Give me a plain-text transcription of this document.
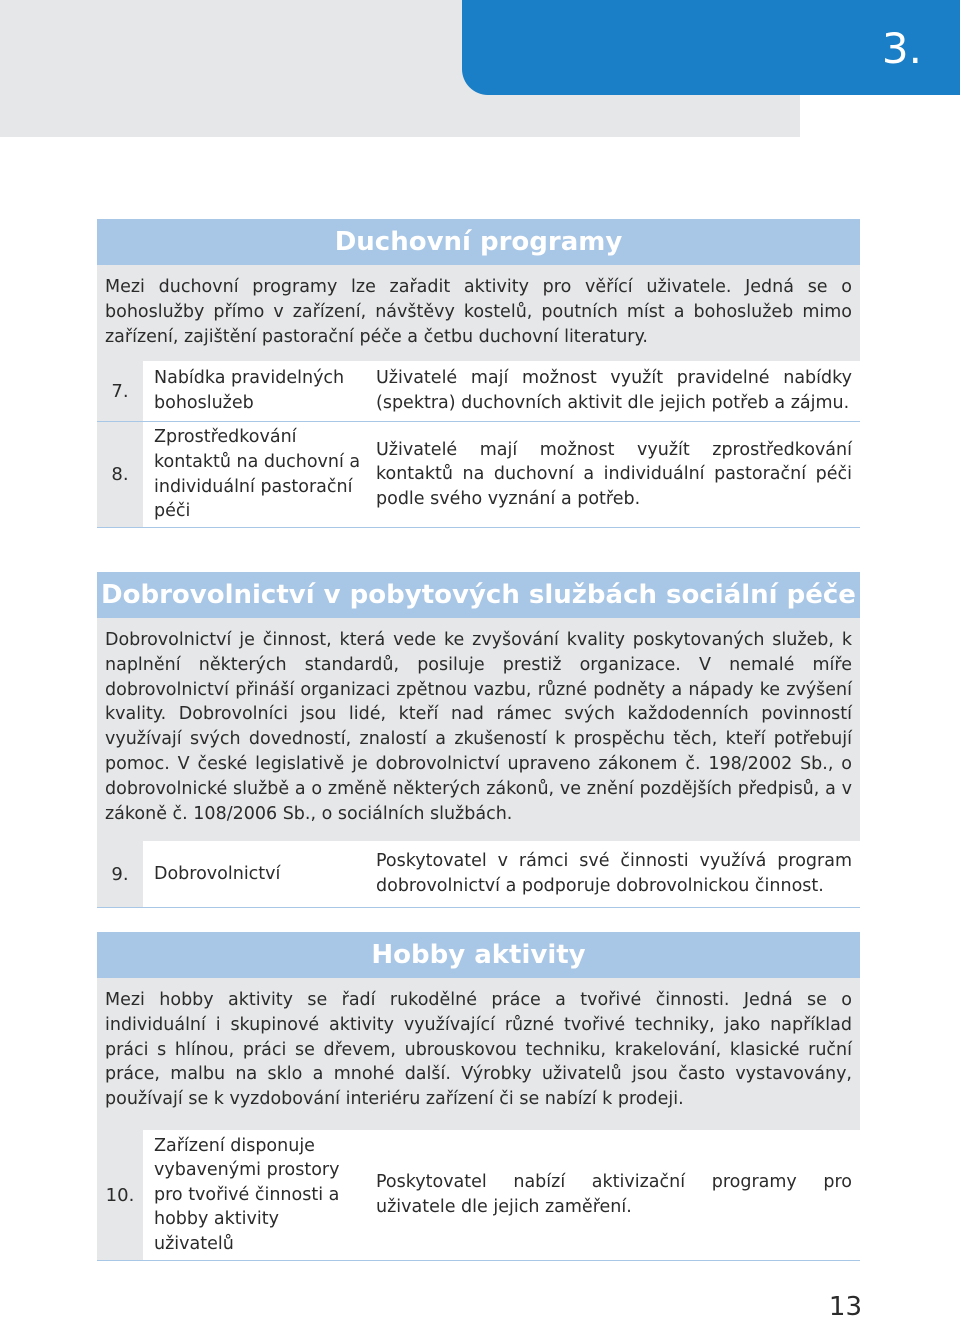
3.
Duchovní programy
Mezi duchovní programy lze zařadit aktivity pro věřící uživatele. Jedná se o bohoslužby přímo v zařízení, návštěvy kostelů, poutních míst a bohoslužeb mimo zařízení, zajištění pastorační péče a četbu duchovní literatury.
7.
Nabídka pravidelných bohoslužeb
Uživatelé mají možnost využít pravidelné nabídky (spektra) duchovních aktivit dle jejich potřeb a zájmu.
8.
Zprostředkování kontaktů na duchovní a individuální pastorační péči
Uživatelé mají možnost využít zprostředkování kontaktů na duchovní a individuální pastorační péči podle svého vyznání a potřeb.
Dobrovolnictví v pobytových službách sociální péče
Dobrovolnictví je činnost, která vede ke zvyšování kvality poskytovaných služeb, k naplnění některých standardů, posiluje prestiž organizace. V nemalé míře dobrovolnictví přináší organizaci zpětnou vazbu, různé podněty a nápady ke zvýšení kvality. Dobrovolníci jsou lidé, kteří nad rámec svých každodenních povinností využívají svých dovedností, znalostí a zkušeností k prospěchu těch, kteří potřebují pomoc. V české legislativě je dobrovolnictví upraveno zákonem č. 198/2002 Sb., o dobrovolnické službě a o změně některých zákonů, ve znění pozdějších předpisů, a v zákoně č. 108/2006 Sb., o sociálních službách.
9.	Dobrovolnictví
Poskytovatel v rámci své činnosti využívá program dobrovolnictví a podporuje dobrovolnickou činnost.
Hobby aktivity
Mezi hobby aktivity se řadí rukodělné práce a tvořivé činnosti. Jedná se o individuální i skupinové aktivity využívající různé tvořivé techniky, jako například práci s hlínou, práci se dřevem, ubrouskovou techniku, krakelování, klasické ruční práce, malbu na sklo a mnohé další. Výrobky uživatelů jsou často vystavovány, používají se k vyzdobování interiéru zařízení či se nabízí k prodeji.
10.
Zařízení disponuje vybavenými prostory pro tvořivé činnosti a hobby aktivity uživatelů
Poskytovatel nabízí aktivizační programy pro uživatele dle jejich zaměření.
13
